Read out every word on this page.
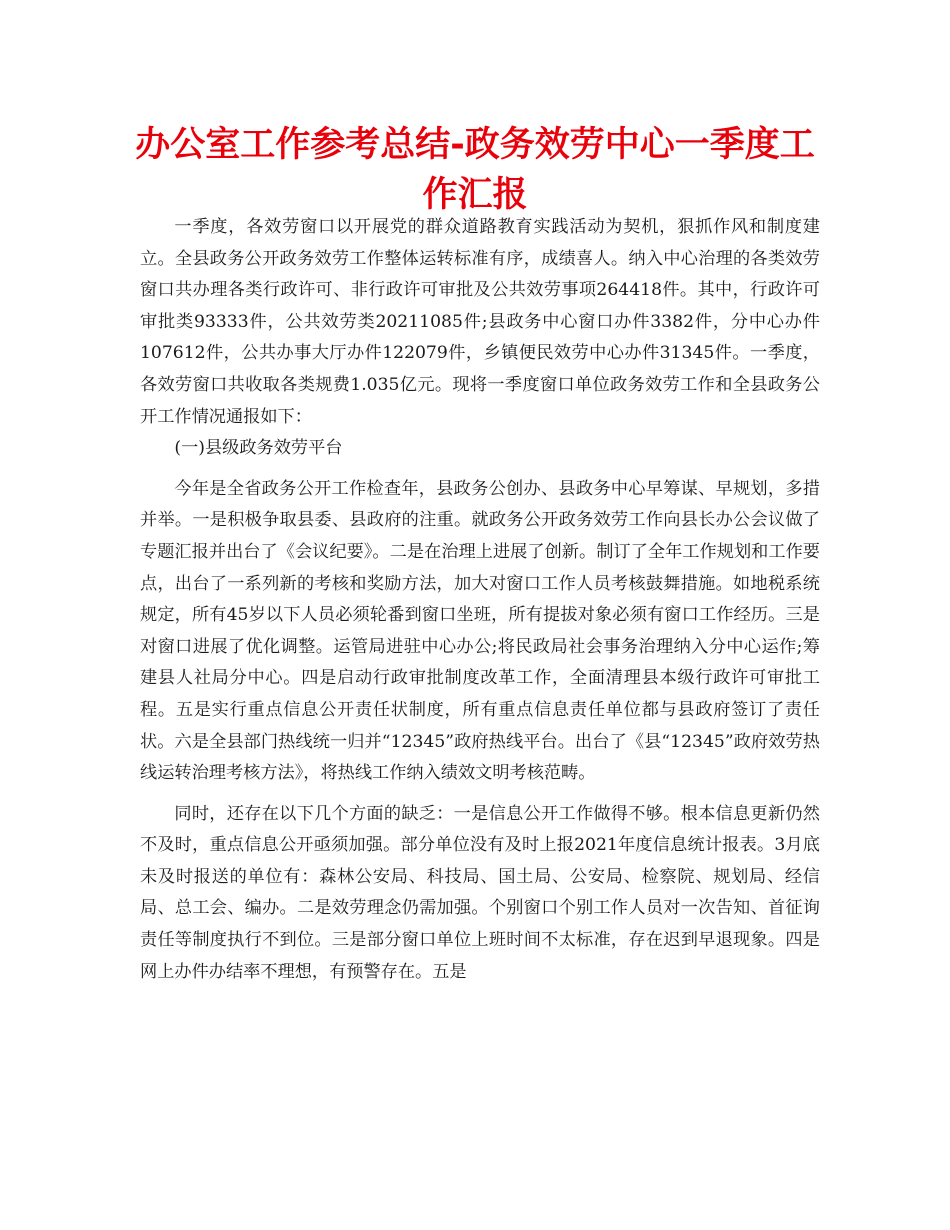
办公室工作参考总结-政务效劳中心一季度工作汇报

一季度，各效劳窗口以开展党的群众道路教育实践活动为契机，狠抓作风和制度建立。全县政务公开政务效劳工作整体运转标准有序，成绩喜人。纳入中心治理的各类效劳窗口共办理各类行政许可、非行政许可审批及公共效劳事项264418件。其中，行政许可审批类93333件，公共效劳类20211085件;县政务中心窗口办件3382件，分中心办件107612件，公共办事大厅办件122079件，乡镇便民效劳中心办件31345件。一季度，各效劳窗口共收取各类规费1.035亿元。现将一季度窗口单位政务效劳工作和全县政务公开工作情况通报如下：

(一)县级政务效劳平台

今年是全省政务公开工作检查年，县政务公创办、县政务中心早筹谋、早规划，多措并举。一是积极争取县委、县政府的注重。就政务公开政务效劳工作向县长办公会议做了专题汇报并出台了《会议纪要》。二是在治理上进展了创新。制订了全年工作规划和工作要点，出台了一系列新的考核和奖励方法，加大对窗口工作人员考核鼓舞措施。如地税系统规定，所有45岁以下人员必须轮番到窗口坐班，所有提拔对象必须有窗口工作经历。三是对窗口进展了优化调整。运管局进驻中心办公;将民政局社会事务治理纳入分中心运作;筹建县人社局分中心。四是启动行政审批制度改革工作，全面清理县本级行政许可审批工程。五是实行重点信息公开责任状制度，所有重点信息责任单位都与县政府签订了责任状。六是全县部门热线统一归并“12345”政府热线平台。出台了《县“12345”政府效劳热线运转治理考核方法》，将热线工作纳入绩效文明考核范畴。

同时，还存在以下几个方面的缺乏：一是信息公开工作做得不够。根本信息更新仍然不及时，重点信息公开亟须加强。部分单位没有及时上报2021年度信息统计报表。3月底未及时报送的单位有：森林公安局、科技局、国土局、公安局、检察院、规划局、经信局、总工会、编办。二是效劳理念仍需加强。个别窗口个别工作人员对一次告知、首征询责任等制度执行不到位。三是部分窗口单位上班时间不太标准，存在迟到早退现象。四是网上办件办结率不理想，有预警存在。五是
